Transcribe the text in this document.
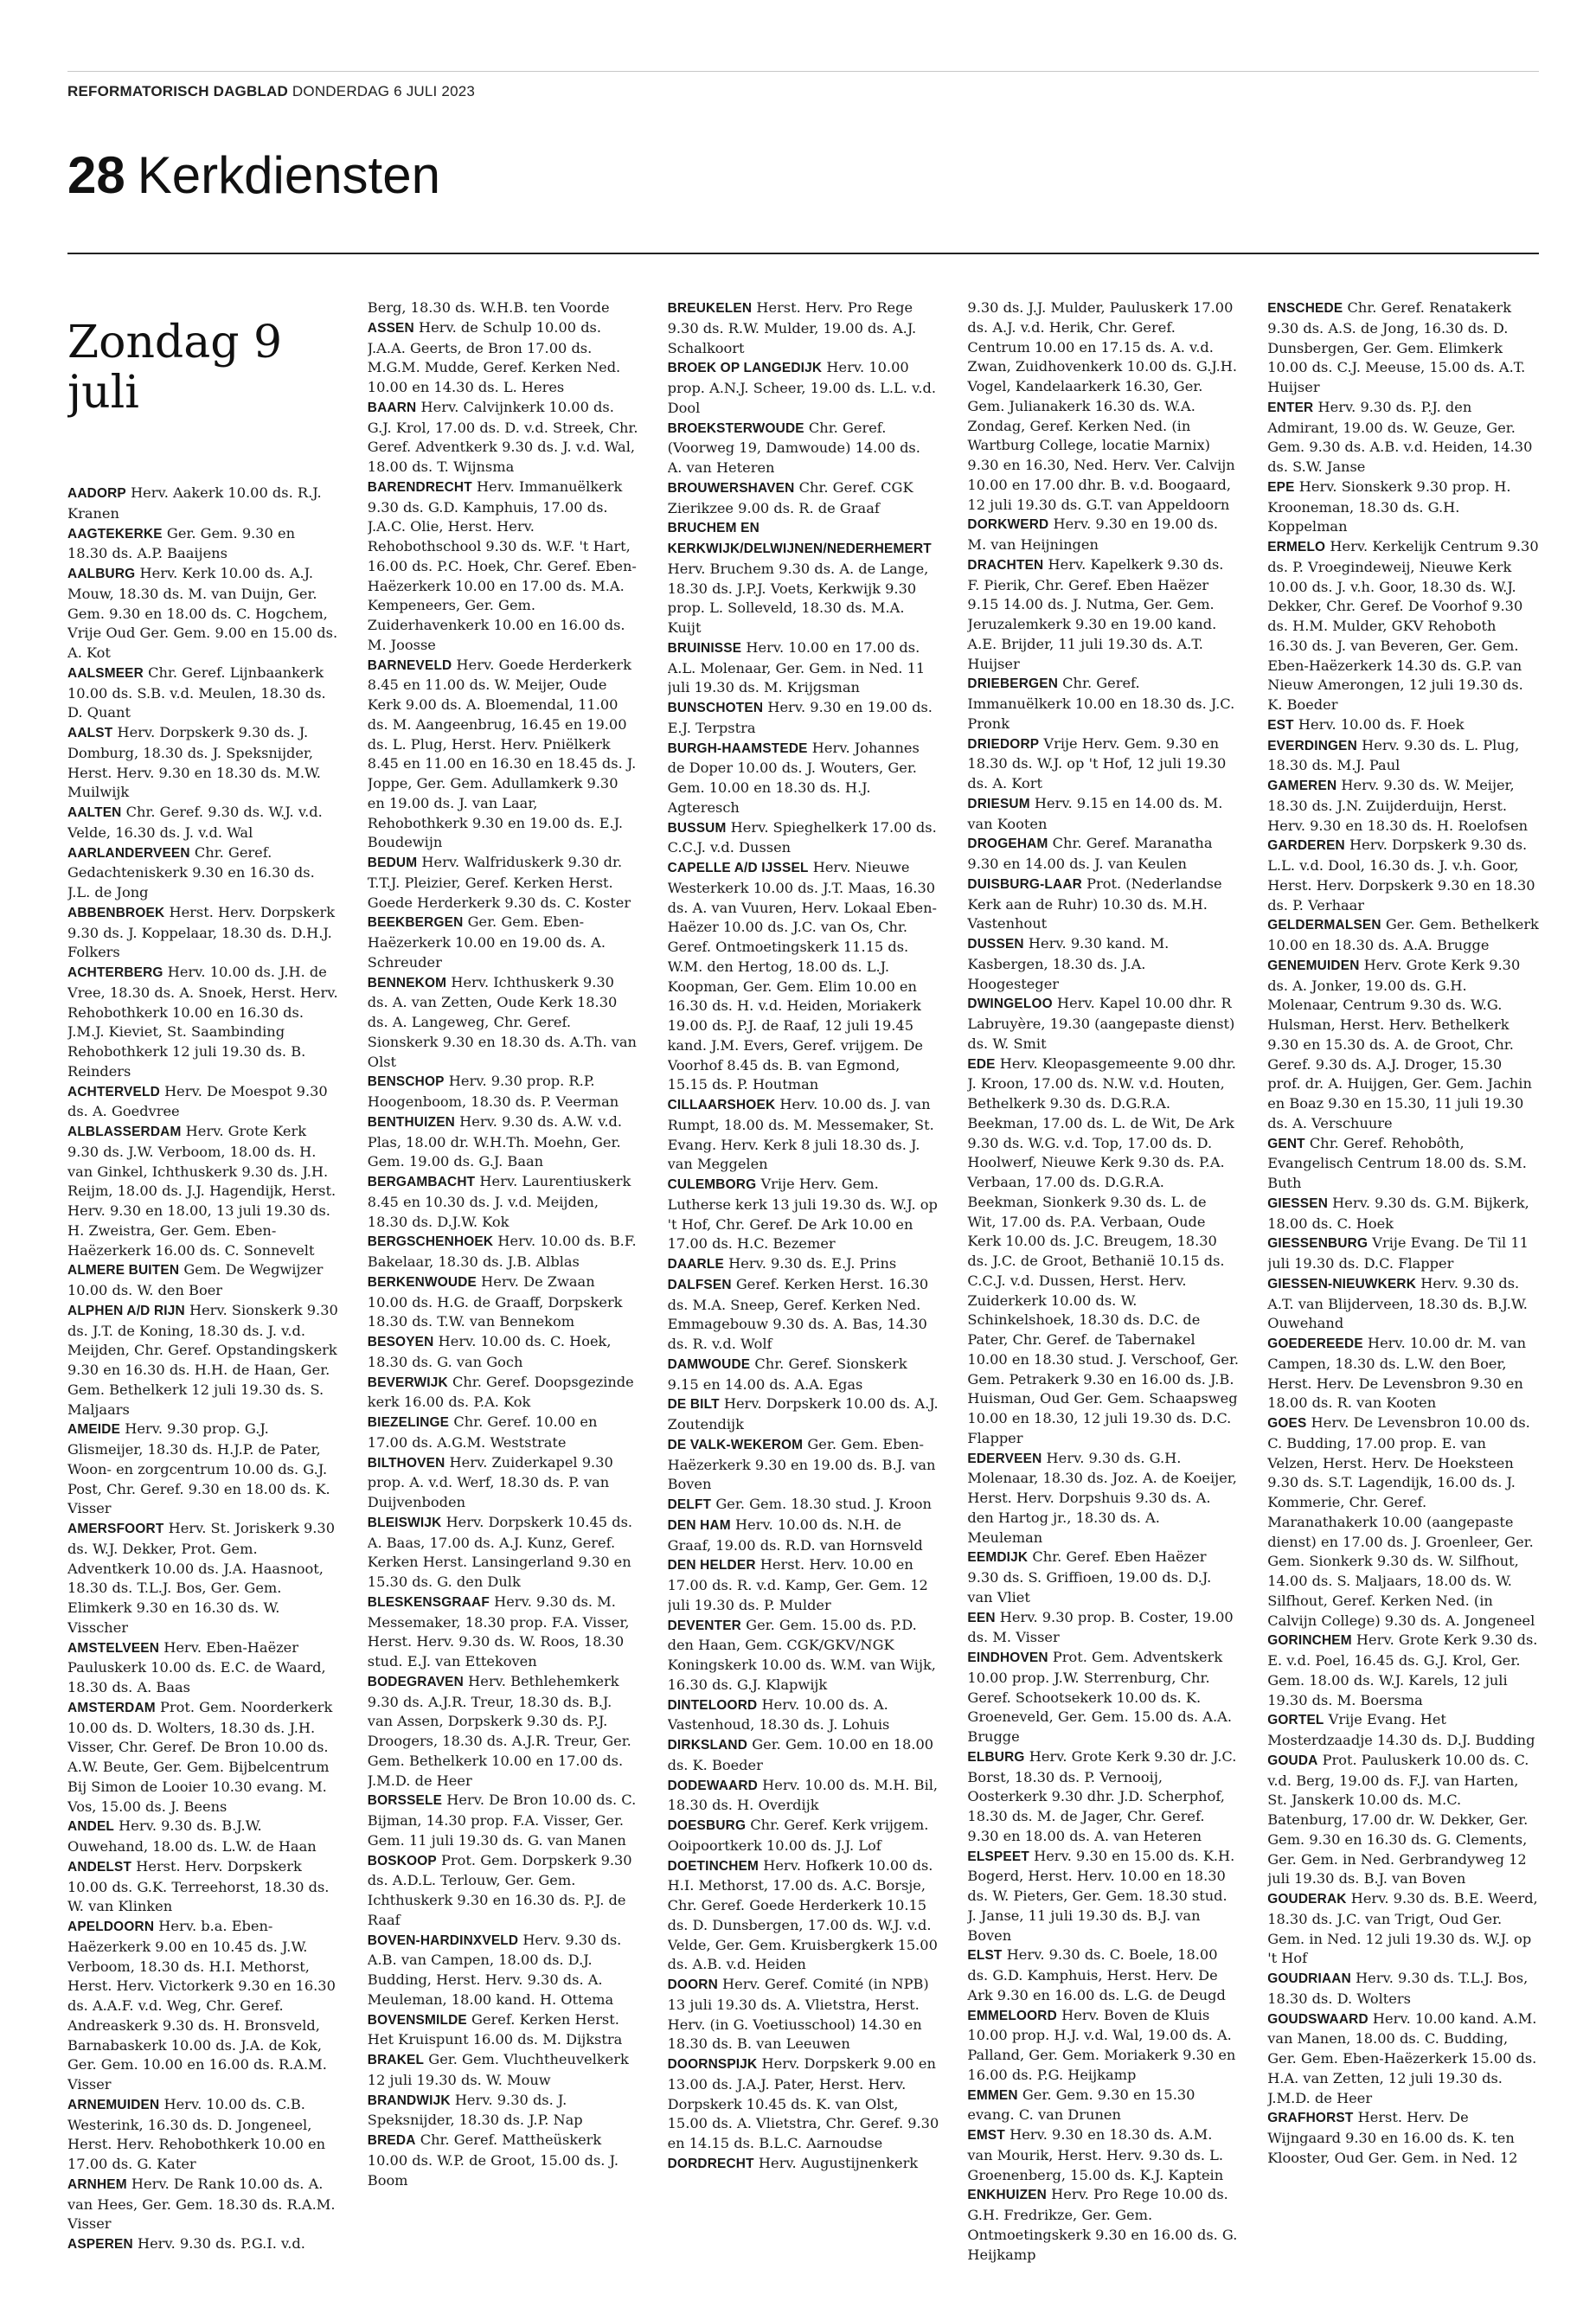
REFORMATORISCH DAGBLAD DONDERDAG 6 JULI 2023
28 Kerkdiensten
Zondag 9 juli

AADORP Herv. Aakerk 10.00 ds. R.J. Kranen

AAGTEKERKE Ger. Gem. 9.30 en 18.30 ds. A.P. Baaijens

AALBURG Herv. Kerk 10.00 ds. A.J. Mouw, 18.30 ds. M. van Duijn, Ger. Gem. 9.30 en 18.00 ds. C. Hogchem, Vrije Oud Ger. Gem. 9.00 en 15.00 ds. A. Kot

AALSMEER Chr. Geref. Lijnbaankerk 10.00 ds. S.B. v.d. Meulen, 18.30 ds. D. Quant

AALST Herv. Dorpskerk 9.30 ds. J. Domburg, 18.30 ds. J. Speksnijder, Herst. Herv. 9.30 en 18.30 ds. M.W. Muilwijk

AALTEN Chr. Geref. 9.30 ds. W.J. v.d. Velde, 16.30 ds. J. v.d. Wal

AARLANDERVEEN Chr. Geref. Gedachteniskerk 9.30 en 16.30 ds. J.L. de Jong

ABBENBROEK Herst. Herv. Dorpskerk 9.30 ds. J. Koppelaar, 18.30 ds. D.H.J. Folkers

ACHTERBERG Herv. 10.00 ds. J.H. de Vree, 18.30 ds. A. Snoek, Herst. Herv. Rehobothkerk 10.00 en 16.30 ds. J.M.J. Kieviet, St. Saambinding Rehobothkerk 12 juli 19.30 ds. B. Reinders

ACHTERVELD Herv. De Moespot 9.30 ds. A. Goedvree

ALBLASSERDAM Herv. Grote Kerk 9.30 ds. J.W. Verboom, 18.00 ds. H. van Ginkel, Ichthuskerk 9.30 ds. J.H. Reijm, 18.00 ds. J.J. Hagendijk, Herst. Herv. 9.30 en 18.00, 13 juli 19.30 ds. H. Zweistra, Ger. Gem. Eben-Haëzerkerk 16.00 ds. C. Sonnevelt

ALMERE BUITEN Gem. De Wegwijzer 10.00 ds. W. den Boer

ALPHEN A/D RIJN Herv. Sionskerk 9.30 ds. J.T. de Koning, 18.30 ds. J. v.d. Meijden, Chr. Geref. Opstandingskerk 9.30 en 16.30 ds. H.H. de Haan, Ger. Gem. Bethelkerk 12 juli 19.30 ds. S. Maljaars

AMEIDE Herv. 9.30 prop. G.J. Glismeijer, 18.30 ds. H.J.P. de Pater, Woon- en zorgcentrum 10.00 ds. G.J. Post, Chr. Geref. 9.30 en 18.00 ds. K. Visser

AMERSFOORT Herv. St. Joriskerk 9.30 ds. W.J. Dekker, Prot. Gem. Adventkerk 10.00 ds. J.A. Haasnoot, 18.30 ds. T.L.J. Bos, Ger. Gem. Elimkerk 9.30 en 16.30 ds. W. Visscher

AMSTELVEEN Herv. Eben-Haëzer Pauluskerk 10.00 ds. E.C. de Waard, 18.30 ds. A. Baas

AMSTERDAM Prot. Gem. Noorderkerk 10.00 ds. D. Wolters, 18.30 ds. J.H. Visser, Chr. Geref. De Bron 10.00 ds. A.W. Beute, Ger. Gem. Bijbelcentrum Bij Simon de Looier 10.30 evang. M. Vos, 15.00 ds. J. Beens

ANDEL Herv. 9.30 ds. B.J.W. Ouwehand, 18.00 ds. L.W. de Haan

ANDELST Herst. Herv. Dorpskerk 10.00 ds. G.K. Terreehorst, 18.30 ds. W. van Klinken

APELDOORN Herv. b.a. Eben-Haëzerkerk 9.00 en 10.45 ds. J.W. Verboom, 18.30 ds. H.I. Methorst, Herst. Herv. Victorkerk 9.30 en 16.30 ds. A.A.F. v.d. Weg, Chr. Geref. Andreaskerk 9.30 ds. H. Bronsveld, Barnabaskerk 10.00 ds. J.A. de Kok, Ger. Gem. 10.00 en 16.00 ds. R.A.M. Visser

ARNEMUIDEN Herv. 10.00 ds. C.B. Westerink, 16.30 ds. D. Jongeneel, Herst. Herv. Rehobothkerk 10.00 en 17.00 ds. G. Kater

ARNHEM Herv. De Rank 10.00 ds. A. van Hees, Ger. Gem. 18.30 ds. R.A.M. Visser

ASPEREN Herv. 9.30 ds. P.G.I. v.d.

Berg, 18.30 ds. W.H.B. ten Voorde

ASSEN Herv. de Schulp 10.00 ds. J.A.A. Geerts, de Bron 17.00 ds. M.G.M. Mudde, Geref. Kerken Ned. 10.00 en 14.30 ds. L. Heres

BAARN Herv. Calvijnkerk 10.00 ds. G.J. Krol, 17.00 ds. D. v.d. Streek, Chr. Geref. Adventkerk 9.30 ds. J. v.d. Wal, 18.00 ds. T. Wijnsma

BARENDRECHT Herv. Immanuëlkerk 9.30 ds. G.D. Kamphuis, 17.00 ds. J.A.C. Olie, Herst. Herv. Rehobothschool 9.30 ds. W.F. 't Hart, 16.00 ds. P.C. Hoek, Chr. Geref. Eben-Haëzerkerk 10.00 en 17.00 ds. M.A. Kempeneers, Ger. Gem. Zuiderhavenkerk 10.00 en 16.00 ds. M. Joosse

BARNEVELD Herv. Goede Herderkerk 8.45 en 11.00 ds. W. Meijer, Oude Kerk 9.00 ds. A. Bloemendal, 11.00 ds. M. Aangeenbrug, 16.45 en 19.00 ds. L. Plug, Herst. Herv. Pniëlkerk 8.45 en 11.00 en 16.30 en 18.45 ds. J. Joppe, Ger. Gem. Adullamkerk 9.30 en 19.00 ds. J. van Laar, Rehobothkerk 9.30 en 19.00 ds. E.J. Boudewijn

BEDUM Herv. Walfriduskerk 9.30 dr. T.T.J. Pleizier, Geref. Kerken Herst. Goede Herderkerk 9.30 ds. C. Koster

BEEKBERGEN Ger. Gem. Eben-Haëzerkerk 10.00 en 19.00 ds. A. Schreuder

BENNEKOM Herv. Ichthuskerk 9.30 ds. A. van Zetten, Oude Kerk 18.30 ds. A. Langeweg, Chr. Geref. Sionskerk 9.30 en 18.30 ds. A.Th. van Olst

BENSCHOP Herv. 9.30 prop. R.P. Hoogenboom, 18.30 ds. P. Veerman

BENTHUIZEN Herv. 9.30 ds. A.W. v.d. Plas, 18.00 dr. W.H.Th. Moehn, Ger. Gem. 19.00 ds. G.J. Baan

BERGAMBACHT Herv. Laurentiuskerk 8.45 en 10.30 ds. J. v.d. Meijden, 18.30 ds. D.J.W. Kok

BERGSCHENHOEK Herv. 10.00 ds. B.F. Bakelaar, 18.30 ds. J.B. Alblas

BERKENWOUDE Herv. De Zwaan 10.00 ds. H.G. de Graaff, Dorpskerk 18.30 ds. T.W. van Bennekom

BESOYEN Herv. 10.00 ds. C. Hoek, 18.30 ds. G. van Goch

BEVERWIJK Chr. Geref. Doopsgezinde kerk 16.00 ds. P.A. Kok

BIEZELINGE Chr. Geref. 10.00 en 17.00 ds. A.G.M. Weststrate

BILTHOVEN Herv. Zuiderkapel 9.30 prop. A. v.d. Werf, 18.30 ds. P. van Duijvenboden

BLEISWIJK Herv. Dorpskerk 10.45 ds. A. Baas, 17.00 ds. A.J. Kunz, Geref. Kerken Herst. Lansingerland 9.30 en 15.30 ds. G. den Dulk

BLESKENSGRAAF Herv. 9.30 ds. M. Messemaker, 18.30 prop. F.A. Visser, Herst. Herv. 9.30 ds. W. Roos, 18.30 stud. E.J. van Ettekoven

BODEGRAVEN Herv. Bethlehemkerk 9.30 ds. A.J.R. Treur, 18.30 ds. B.J. van Assen, Dorpskerk 9.30 ds. P.J. Droogers, 18.30 ds. A.J.R. Treur, Ger. Gem. Bethelkerk 10.00 en 17.00 ds. J.M.D. de Heer

BORSSELE Herv. De Bron 10.00 ds. C. Bijman, 14.30 prop. F.A. Visser, Ger. Gem. 11 juli 19.30 ds. G. van Manen

BOSKOOP Prot. Gem. Dorpskerk 9.30 ds. A.D.L. Terlouw, Ger. Gem. Ichthuskerk 9.30 en 16.30 ds. P.J. de Raaf

BOVEN-HARDINXVELD Herv. 9.30 ds. A.B. van Campen, 18.00 ds. D.J. Budding, Herst. Herv. 9.30 ds. A. Meuleman, 18.00 kand. H. Ottema

BOVENSMILDE Geref. Kerken Herst. Het Kruispunt 16.00 ds. M. Dijkstra

BRAKEL Ger. Gem. Vluchtheuvelkerk 12 juli 19.30 ds. W. Mouw

BRANDWIJK Herv. 9.30 ds. J. Speksnijder, 18.30 ds. J.P. Nap

BREDA Chr. Geref. Mattheüskerk 10.00 ds. W.P. de Groot, 15.00 ds. J. Boom

BREUKELEN Herst. Herv. Pro Rege 9.30 ds. R.W. Mulder, 19.00 ds. A.J. Schalkoort

BROEK OP LANGEDIJK Herv. 10.00 prop. A.N.J. Scheer, 19.00 ds. L.L. v.d. Dool

BROEKSTERWOUDE Chr. Geref. (Voorweg 19, Damwoude) 14.00 ds. A. van Heteren

BROUWERSHAVEN Chr. Geref. CGK Zierikzee 9.00 ds. R. de Graaf

BRUCHEM EN KERKWIJK/DELWIJNEN/NEDERHEMERT Herv. Bruchem 9.30 ds. A. de Lange, 18.30 ds. J.P.J. Voets, Kerkwijk 9.30 prop. L. Solleveld, 18.30 ds. M.A. Kuijt

BRUINISSE Herv. 10.00 en 17.00 ds. A.L. Molenaar, Ger. Gem. in Ned. 11 juli 19.30 ds. M. Krijgsman

BUNSCHOTEN Herv. 9.30 en 19.00 ds. E.J. Terpstra

BURGH-HAAMSTEDE Herv. Johannes de Doper 10.00 ds. J. Wouters, Ger. Gem. 10.00 en 18.30 ds. H.J. Agteresch

BUSSUM Herv. Spieghelkerk 17.00 ds. C.C.J. v.d. Dussen

CAPELLE A/D IJSSEL Herv. Nieuwe Westerkerk 10.00 ds. J.T. Maas, 16.30 ds. A. van Vuuren, Herv. Lokaal Eben-Haëzer 10.00 ds. J.C. van Os, Chr. Geref. Ontmoetingskerk 11.15 ds. W.M. den Hertog, 18.00 ds. L.J. Koopman, Ger. Gem. Elim 10.00 en 16.30 ds. H. v.d. Heiden, Moriakerk 19.00 ds. P.J. de Raaf, 12 juli 19.45 kand. J.M. Evers, Geref. vrijgem. De Voorhof 8.45 ds. B. van Egmond, 15.15 ds. P. Houtman

CILLAARSHOEK Herv. 10.00 ds. J. van Rumpt, 18.00 ds. M. Messemaker, St. Evang. Herv. Kerk 8 juli 18.30 ds. J. van Meggelen

CULEMBORG Vrije Herv. Gem. Lutherse kerk 13 juli 19.30 ds. W.J. op 't Hof, Chr. Geref. De Ark 10.00 en 17.00 ds. H.C. Bezemer

DAARLE Herv. 9.30 ds. E.J. Prins

DALFSEN Geref. Kerken Herst. 16.30 ds. M.A. Sneep, Geref. Kerken Ned. Emmagebouw 9.30 ds. A. Bas, 14.30 ds. R. v.d. Wolf

DAMWOUDE Chr. Geref. Sionskerk 9.15 en 14.00 ds. A.A. Egas

DE BILT Herv. Dorpskerk 10.00 ds. A.J. Zoutendijk

DE VALK-WEKEROM Ger. Gem. Eben-Haëzerkerk 9.30 en 19.00 ds. B.J. van Boven

DELFT Ger. Gem. 18.30 stud. J. Kroon

DEN HAM Herv. 10.00 ds. N.H. de Graaf, 19.00 ds. R.D. van Hornsveld

DEN HELDER Herst. Herv. 10.00 en 17.00 ds. R. v.d. Kamp, Ger. Gem. 12 juli 19.30 ds. P. Mulder

DEVENTER Ger. Gem. 15.00 ds. P.D. den Haan, Gem. CGK/GKV/NGK Koningskerk 10.00 ds. W.M. van Wijk, 16.30 ds. G.J. Klapwijk

DINTELOORD Herv. 10.00 ds. A. Vastenhoud, 18.30 ds. J. Lohuis

DIRKSLAND Ger. Gem. 10.00 en 18.00 ds. K. Boeder

DODEWAARD Herv. 10.00 ds. M.H. Bil, 18.30 ds. H. Overdijk

DOESBURG Chr. Geref. Kerk vrijgem. Ooipoortkerk 10.00 ds. J.J. Lof

DOETINCHEM Herv. Hofkerk 10.00 ds. H.I. Methorst, 17.00 ds. A.C. Borsje, Chr. Geref. Goede Herderkerk 10.15 ds. D. Dunsbergen, 17.00 ds. W.J. v.d. Velde, Ger. Gem. Kruisbergkerk 15.00 ds. A.B. v.d. Heiden

DOORN Herv. Geref. Comité (in NPB) 13 juli 19.30 ds. A. Vlietstra, Herst. Herv. (in G. Voetiusschool) 14.30 en 18.30 ds. B. van Leeuwen

DOORNSPIJK Herv. Dorpskerk 9.00 en 13.00 ds. J.A.J. Pater, Herst. Herv. Dorpskerk 10.45 ds. K. van Olst, 15.00 ds. A. Vlietstra, Chr. Geref. 9.30 en 14.15 ds. B.L.C. Aarnoudse

DORDRECHT Herv. Augustijnenkerk

9.30 ds. J.J. Mulder, Pauluskerk 17.00 ds. A.J. v.d. Herik, Chr. Geref. Centrum 10.00 en 17.15 ds. A. v.d. Zwan, Zuidhovenkerk 10.00 ds. G.J.H. Vogel, Kandelaarkerk 16.30, Ger. Gem. Julianakerk 16.30 ds. W.A. Zondag, Geref. Kerken Ned. (in Wartburg College, locatie Marnix) 9.30 en 16.30, Ned. Herv. Ver. Calvijn 10.00 en 17.00 dhr. B. v.d. Boogaard, 12 juli 19.30 ds. G.T. van Appeldoorn

DORKWERD Herv. 9.30 en 19.00 ds. M. van Heijningen

DRACHTEN Herv. Kapelkerk 9.30 ds. F. Pierik, Chr. Geref. Eben Haëzer 9.15 14.00 ds. J. Nutma, Ger. Gem. Jeruzalemkerk 9.30 en 19.00 kand. A.E. Brijder, 11 juli 19.30 ds. A.T. Huijser

DRIEBERGEN Chr. Geref. Immanuëlkerk 10.00 en 18.30 ds. J.C. Pronk

DRIEDORP Vrije Herv. Gem. 9.30 en 18.30 ds. W.J. op 't Hof, 12 juli 19.30 ds. A. Kort

DRIESUM Herv. 9.15 en 14.00 ds. M. van Kooten

DROGEHAM Chr. Geref. Maranatha 9.30 en 14.00 ds. J. van Keulen

DUISBURG-LAAR Prot. (Nederlandse Kerk aan de Ruhr) 10.30 ds. M.H. Vastenhout

DUSSEN Herv. 9.30 kand. M. Kasbergen, 18.30 ds. J.A. Hoogesteger

DWINGELOO Herv. Kapel 10.00 dhr. R Labruyère, 19.30 (aangepaste dienst) ds. W. Smit

EDE Herv. Kleopasgemeente 9.00 dhr. J. Kroon, 17.00 ds. N.W. v.d. Houten, Bethelkerk 9.30 ds. D.G.R.A. Beekman, 17.00 ds. L. de Wit, De Ark 9.30 ds. W.G. v.d. Top, 17.00 ds. D. Hoolwerf, Nieuwe Kerk 9.30 ds. P.A. Verbaan, 17.00 ds. D.G.R.A. Beekman, Sionkerk 9.30 ds. L. de Wit, 17.00 ds. P.A. Verbaan, Oude Kerk 10.00 ds. J.C. Breugem, 18.30 ds. J.C. de Groot, Bethanië 10.15 ds. C.C.J. v.d. Dussen, Herst. Herv. Zuiderkerk 10.00 ds. W. Schinkelshoek, 18.30 ds. D.C. de Pater, Chr. Geref. de Tabernakel 10.00 en 18.30 stud. J. Verschoof, Ger. Gem. Petrakerk 9.30 en 16.00 ds. J.B. Huisman, Oud Ger. Gem. Schaapsweg 10.00 en 18.30, 12 juli 19.30 ds. D.C. Flapper

EDERVEEN Herv. 9.30 ds. G.H. Molenaar, 18.30 ds. Joz. A. de Koeijer, Herst. Herv. Dorpshuis 9.30 ds. A. den Hartog jr., 18.30 ds. A. Meuleman

EEMDIJK Chr. Geref. Eben Haëzer 9.30 ds. S. Griffioen, 19.00 ds. D.J. van Vliet

EEN Herv. 9.30 prop. B. Coster, 19.00 ds. M. Visser

EINDHOVEN Prot. Gem. Adventskerk 10.00 prop. J.W. Sterrenburg, Chr. Geref. Schootsekerk 10.00 ds. K. Groeneveld, Ger. Gem. 15.00 ds. A.A. Brugge

ELBURG Herv. Grote Kerk 9.30 dr. J.C. Borst, 18.30 ds. P. Vernooij, Oosterkerk 9.30 dhr. J.D. Scherphof, 18.30 ds. M. de Jager, Chr. Geref. 9.30 en 18.00 ds. A. van Heteren

ELSPEET Herv. 9.30 en 15.00 ds. K.H. Bogerd, Herst. Herv. 10.00 en 18.30 ds. W. Pieters, Ger. Gem. 18.30 stud. J. Janse, 11 juli 19.30 ds. B.J. van Boven

ELST Herv. 9.30 ds. C. Boele, 18.00 ds. G.D. Kamphuis, Herst. Herv. De Ark 9.30 en 16.00 ds. L.G. de Deugd

EMMELOORD Herv. Boven de Kluis 10.00 prop. H.J. v.d. Wal, 19.00 ds. A. Palland, Ger. Gem. Moriakerk 9.30 en 16.00 ds. P.G. Heijkamp

EMMEN Ger. Gem. 9.30 en 15.30 evang. C. van Drunen

EMST Herv. 9.30 en 18.30 ds. A.M. van Mourik, Herst. Herv. 9.30 ds. L. Groenenberg, 15.00 ds. K.J. Kaptein

ENKHUIZEN Herv. Pro Rege 10.00 ds. G.H. Fredrikze, Ger. Gem. Ontmoetingskerk 9.30 en 16.00 ds. G. Heijkamp

ENSCHEDE Chr. Geref. Renatakerk 9.30 ds. A.S. de Jong, 16.30 ds. D. Dunsbergen, Ger. Gem. Elimkerk 10.00 ds. C.J. Meeuse, 15.00 ds. A.T. Huijser

ENTER Herv. 9.30 ds. P.J. den Admirant, 19.00 ds. W. Geuze, Ger. Gem. 9.30 ds. A.B. v.d. Heiden, 14.30 ds. S.W. Janse

EPE Herv. Sionskerk 9.30 prop. H. Krooneman, 18.30 ds. G.H. Koppelman

ERMELO Herv. Kerkelijk Centrum 9.30 ds. P. Vroegindeweij, Nieuwe Kerk 10.00 ds. J. v.h. Goor, 18.30 ds. W.J. Dekker, Chr. Geref. De Voorhof 9.30 ds. H.M. Mulder, GKV Rehoboth 16.30 ds. J. van Beveren, Ger. Gem. Eben-Haëzerkerk 14.30 ds. G.P. van Nieuw Amerongen, 12 juli 19.30 ds. K. Boeder

EST Herv. 10.00 ds. F. Hoek

EVERDINGEN Herv. 9.30 ds. L. Plug, 18.30 ds. M.J. Paul

GAMEREN Herv. 9.30 ds. W. Meijer, 18.30 ds. J.N. Zuijderduijn, Herst. Herv. 9.30 en 18.30 ds. H. Roelofsen

GARDEREN Herv. Dorpskerk 9.30 ds. L.L. v.d. Dool, 16.30 ds. J. v.h. Goor, Herst. Herv. Dorpskerk 9.30 en 18.30 ds. P. Verhaar

GELDERMALSEN Ger. Gem. Bethelkerk 10.00 en 18.30 ds. A.A. Brugge

GENEMUIDEN Herv. Grote Kerk 9.30 ds. A. Jonker, 19.00 ds. G.H. Molenaar, Centrum 9.30 ds. W.G. Hulsman, Herst. Herv. Bethelkerk 9.30 en 15.30 ds. A. de Groot, Chr. Geref. 9.30 ds. A.J. Droger, 15.30 prof. dr. A. Huijgen, Ger. Gem. Jachin en Boaz 9.30 en 15.30, 11 juli 19.30 ds. A. Verschuure

GENT Chr. Geref. Rehobôth, Evangelisch Centrum 18.00 ds. S.M. Buth

GIESSEN Herv. 9.30 ds. G.M. Bijkerk, 18.00 ds. C. Hoek

GIESSENBURG Vrije Evang. De Til 11 juli 19.30 ds. D.C. Flapper

GIESSEN-NIEUWKERK Herv. 9.30 ds. A.T. van Blijderveen, 18.30 ds. B.J.W. Ouwehand

GOEDEREEDE Herv. 10.00 dr. M. van Campen, 18.30 ds. L.W. den Boer, Herst. Herv. De Levensbron 9.30 en 18.00 ds. R. van Kooten

GOES Herv. De Levensbron 10.00 ds. C. Budding, 17.00 prop. E. van Velzen, Herst. Herv. De Hoeksteen 9.30 ds. S.T. Lagendijk, 16.00 ds. J. Kommerie, Chr. Geref. Maranathakerk 10.00 (aangepaste dienst) en 17.00 ds. J. Groenleer, Ger. Gem. Sionkerk 9.30 ds. W. Silfhout, 14.00 ds. S. Maljaars, 18.00 ds. W. Silfhout, Geref. Kerken Ned. (in Calvijn College) 9.30 ds. A. Jongeneel

GORINCHEM Herv. Grote Kerk 9.30 ds. E. v.d. Poel, 16.45 ds. G.J. Krol, Ger. Gem. 18.00 ds. W.J. Karels, 12 juli 19.30 ds. M. Boersma

GORTEL Vrije Evang. Het Mosterdzaadje 14.30 ds. D.J. Budding

GOUDA Prot. Pauluskerk 10.00 ds. C. v.d. Berg, 19.00 ds. F.J. van Harten, St. Janskerk 10.00 ds. M.C. Batenburg, 17.00 dr. W. Dekker, Ger. Gem. 9.30 en 16.30 ds. G. Clements, Ger. Gem. in Ned. Gerbrandyweg 12 juli 19.30 ds. B.J. van Boven

GOUDERAK Herv. 9.30 ds. B.E. Weerd, 18.30 ds. J.C. van Trigt, Oud Ger. Gem. in Ned. 12 juli 19.30 ds. W.J. op 't Hof

GOUDRIAAN Herv. 9.30 ds. T.L.J. Bos, 18.30 ds. D. Wolters

GOUDSWAARD Herv. 10.00 kand. A.M. van Manen, 18.00 ds. C. Budding, Ger. Gem. Eben-Haëzerkerk 15.00 ds. H.A. van Zetten, 12 juli 19.30 ds. J.M.D. de Heer

GRAFHORST Herst. Herv. De Wijngaard 9.30 en 16.00 ds. K. ten Klooster, Oud Ger. Gem. in Ned. 12
